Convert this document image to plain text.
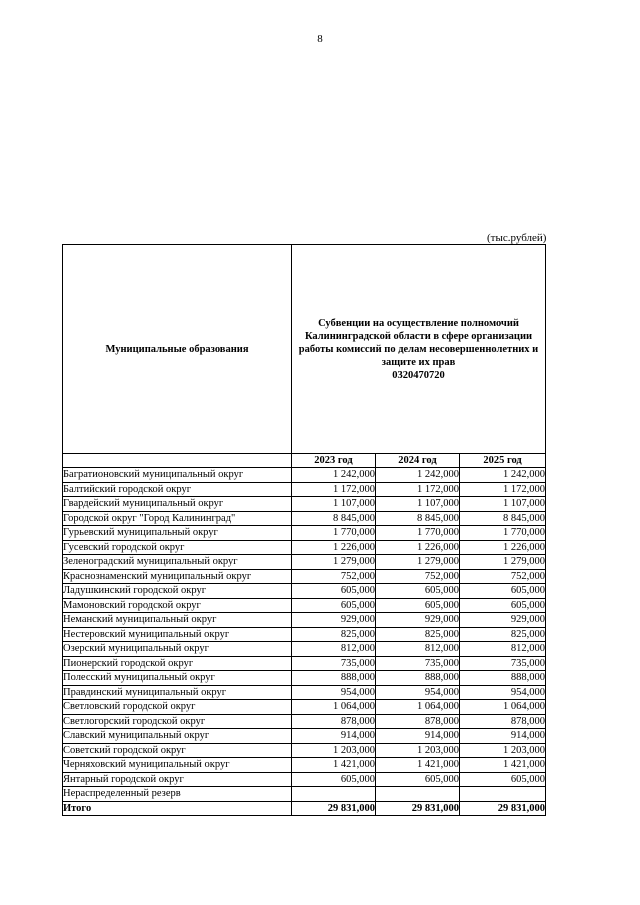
8
(тыс.рублей)
Муниципальные образования	Субвенции на осуществление полномочий Калининградской области в сфере организации работы комиссий по делам несовершеннолетних и защите их прав
0320470720		

	2023 год	2024 год	2025 год
Багратионовский муниципальный округ	1 242,000	1 242,000	1 242,000
Балтийский городской округ	1 172,000	1 172,000	1 172,000
Гвардейский муниципальный округ	1 107,000	1 107,000	1 107,000
Городской округ "Город Калининград"	8 845,000	8 845,000	8 845,000
Гурьевский муниципальный округ	1 770,000	1 770,000	1 770,000
Гусевский городской округ	1 226,000	1 226,000	1 226,000
Зеленоградский муниципальный округ	1 279,000	1 279,000	1 279,000
Краснознаменский муниципальный округ	752,000	752,000	752,000
Ладушкинский городской округ	605,000	605,000	605,000
Мамоновский городской округ	605,000	605,000	605,000
Неманский муниципальный округ	929,000	929,000	929,000
Нестеровский муниципальный округ	825,000	825,000	825,000
Озерский муниципальный округ	812,000	812,000	812,000
Пионерский городской округ	735,000	735,000	735,000
Полесский муниципальный округ	888,000	888,000	888,000
Правдинский муниципальный округ	954,000	954,000	954,000
Светловский городской округ	1 064,000	1 064,000	1 064,000
Светлогорский городской округ	878,000	878,000	878,000
Славский муниципальный округ	914,000	914,000	914,000
Советский городской округ	1 203,000	1 203,000	1 203,000
Черняховский муниципальный округ	1 421,000	1 421,000	1 421,000
Янтарный городской округ	605,000	605,000	605,000
Нераспределенный резерв			
Итого	29 831,000	29 831,000	29 831,000
